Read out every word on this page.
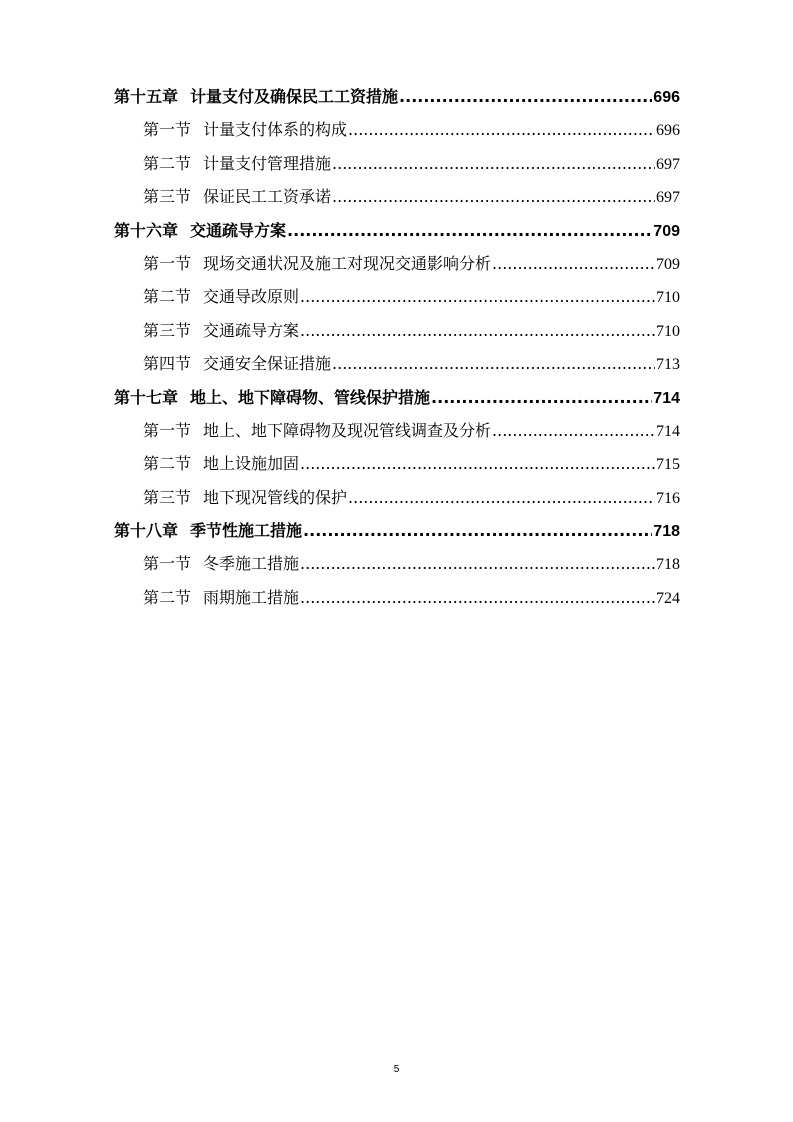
第十五章 计量支付及确保民工工资措施 .....	696
第一节 计量支付体系的构成 .....	696
第二节 计量支付管理措施 .....	697
第三节 保证民工工资承诺 .....	697
第十六章 交通疏导方案 .....	709
第一节 现场交通状况及施工对现况交通影响分析 .....	709
第二节 交通导改原则 .....	710
第三节 交通疏导方案 .....	710
第四节 交通安全保证措施 .....	713
第十七章 地上、地下障碍物、管线保护措施 .....	714
第一节 地上、地下障碍物及现况管线调查及分析 .....	714
第二节 地上设施加固 .....	715
第三节 地下现况管线的保护 .....	716
第十八章 季节性施工措施 .....	718
第一节 冬季施工措施 .....	718
第二节 雨期施工措施 .....	724
5
